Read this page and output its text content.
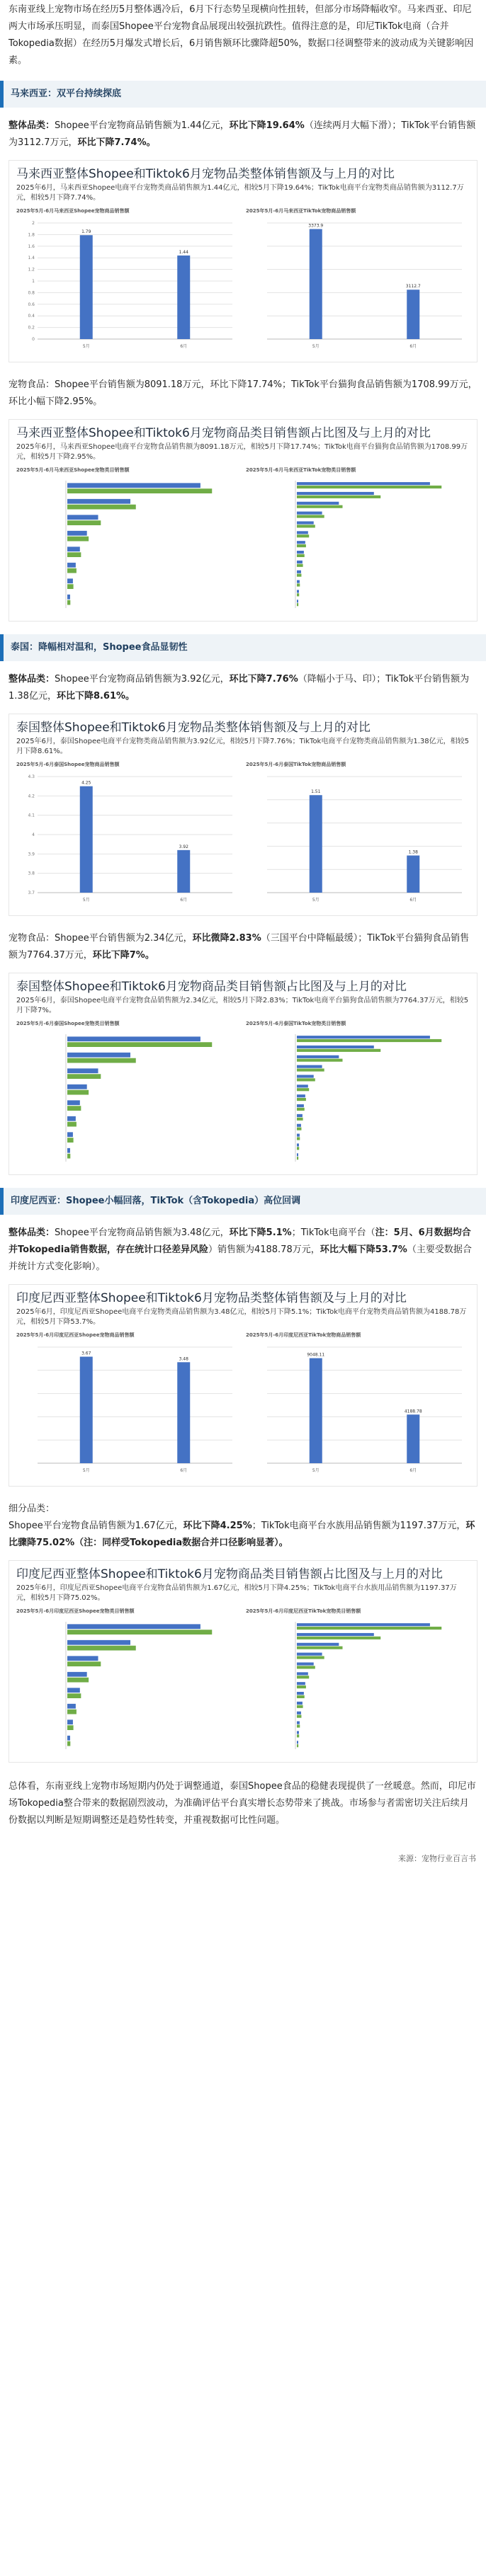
东南亚线上宠物市场在经历5月整体遇冷后，6月下行态势呈现横向性扭转，但部分市场降幅收窄。马来西亚、印尼两大市场承压明显，而泰国Shopee平台宠物食品展现出较强抗跌性。值得注意的是，印尼TikTok电商（合并Tokopedia数据）在经历5月爆发式增长后，6月销售额环比骤降超50%，数据口径调整带来的波动成为关键影响因素。

马来西亚：双平台持续探底

整体品类：Shopee平台宠物商品销售额为1.44亿元，环比下降19.64%（连续两月大幅下滑）；TikTok平台销售额为3112.7万元，环比下降7.74%。

马来西亚整体Shopee和Tiktok6月宠物品类整体销售额及与上月的对比
2025年6月，马来西亚Shopee电商平台宠物类商品销售额为1.44亿元，相较5月下降19.64%；TikTok电商平台宠物类商品销售额为3112.7万元，相较5月下降7.74%。
2025年5月-6月马来西亚Shopee宠物商品销售额
0
0.2
0.4
0.6
0.8
1
1.2
1.4
1.6
1.8
2
1.79
5月
1.44
6月
2025年5月-6月马来西亚TikTok宠物商品销售额
3373.9
5月
3112.7
6月

宠物食品：Shopee平台销售额为8091.18万元，环比下降17.74%；TikTok平台猫狗食品销售额为1708.99万元，环比小幅下降2.95%。

马来西亚整体Shopee和Tiktok6月宠物商品类目销售额占比图及与上月的对比
2025年6月，马来西亚Shopee电商平台宠物食品销售额为8091.18万元，相较5月下降17.74%；TikTok电商平台猫狗食品销售额为1708.99万元，相较5月下降2.95%。
2025年5月-6月马来西亚Shopee宠物类目销售额	2025年5月-6月马来西亚TikTok宠物类目销售额
泰国：降幅相对温和，Shopee食品显韧性

整体品类：Shopee平台宠物商品销售额为3.92亿元，环比下降7.76%（降幅小于马、印）；TikTok平台销售额为1.38亿元，环比下降8.61%。

泰国整体Shopee和Tiktok6月宠物品类整体销售额及与上月的对比
2025年6月，泰国Shopee电商平台宠物类商品销售额为3.92亿元，相较5月下降7.76%；TikTok电商平台宠物类商品销售额为1.38亿元，相较5月下降8.61%。
2025年5月-6月泰国Shopee宠物商品销售额
3.7
3.8
3.9
4
4.1
4.2
4.3
4.25
5月
3.92
6月
2025年5月-6月泰国TikTok宠物商品销售额
1.51
5月
1.38
6月

宠物食品：Shopee平台销售额为2.34亿元，环比微降2.83%（三国平台中降幅最缓）；TikTok平台猫狗食品销售额为7764.37万元，环比下降7%。

泰国整体Shopee和Tiktok6月宠物商品类目销售额占比图及与上月的对比
2025年6月，泰国Shopee电商平台宠物食品销售额为2.34亿元，相较5月下降2.83%；TikTok电商平台猫狗食品销售额为7764.37万元，相较5月下降7%。
2025年5月-6月泰国Shopee宠物类目销售额	2025年5月-6月泰国TikTok宠物类目销售额
印度尼西亚：Shopee小幅回落，TikTok（含Tokopedia）高位回调

整体品类：Shopee平台宠物商品销售额为3.48亿元，环比下降5.1%；TikTok电商平台（注：5月、6月数据均合并Tokopedia销售数据，存在统计口径差异风险）销售额为4188.78万元，环比大幅下降53.7%（主要受数据合并统计方式变化影响）。

印度尼西亚整体Shopee和Tiktok6月宠物品类整体销售额及与上月的对比
2025年6月，印度尼西亚Shopee电商平台宠物类商品销售额为3.48亿元，相较5月下降5.1%；TikTok电商平台宠物类商品销售额为4188.78万元，相较5月下降53.7%。
2025年5月-6月印度尼西亚Shopee宠物商品销售额
3.67
5月
3.48
6月
2025年5月-6月印度尼西亚TikTok宠物商品销售额
9048.11
5月
4188.78
6月

细分品类：

Shopee平台宠物食品销售额为1.67亿元，环比下降4.25%；TikTok电商平台水族用品销售额为1197.37万元，环比骤降75.02%（注：同样受Tokopedia数据合并口径影响显著）。

印度尼西亚整体Shopee和Tiktok6月宠物商品类目销售额占比图及与上月的对比
2025年6月，印度尼西亚Shopee电商平台宠物食品销售额为1.67亿元，相较5月下降4.25%；TikTok电商平台水族用品销售额为1197.37万元，相较5月下降75.02%。
2025年5月-6月印度尼西亚Shopee宠物类目销售额	2025年5月-6月印度尼西亚TikTok宠物类目销售额

总体看，东南亚线上宠物市场短期内仍处于调整通道，泰国Shopee食品的稳健表现提供了一丝暖意。然而，印尼市场Tokopedia整合带来的数据剧烈波动，为准确评估平台真实增长态势带来了挑战。市场参与者需密切关注后续月份数据以判断是短期调整还是趋势性转变，并重视数据可比性问题。

来源：宠物行业百言书
